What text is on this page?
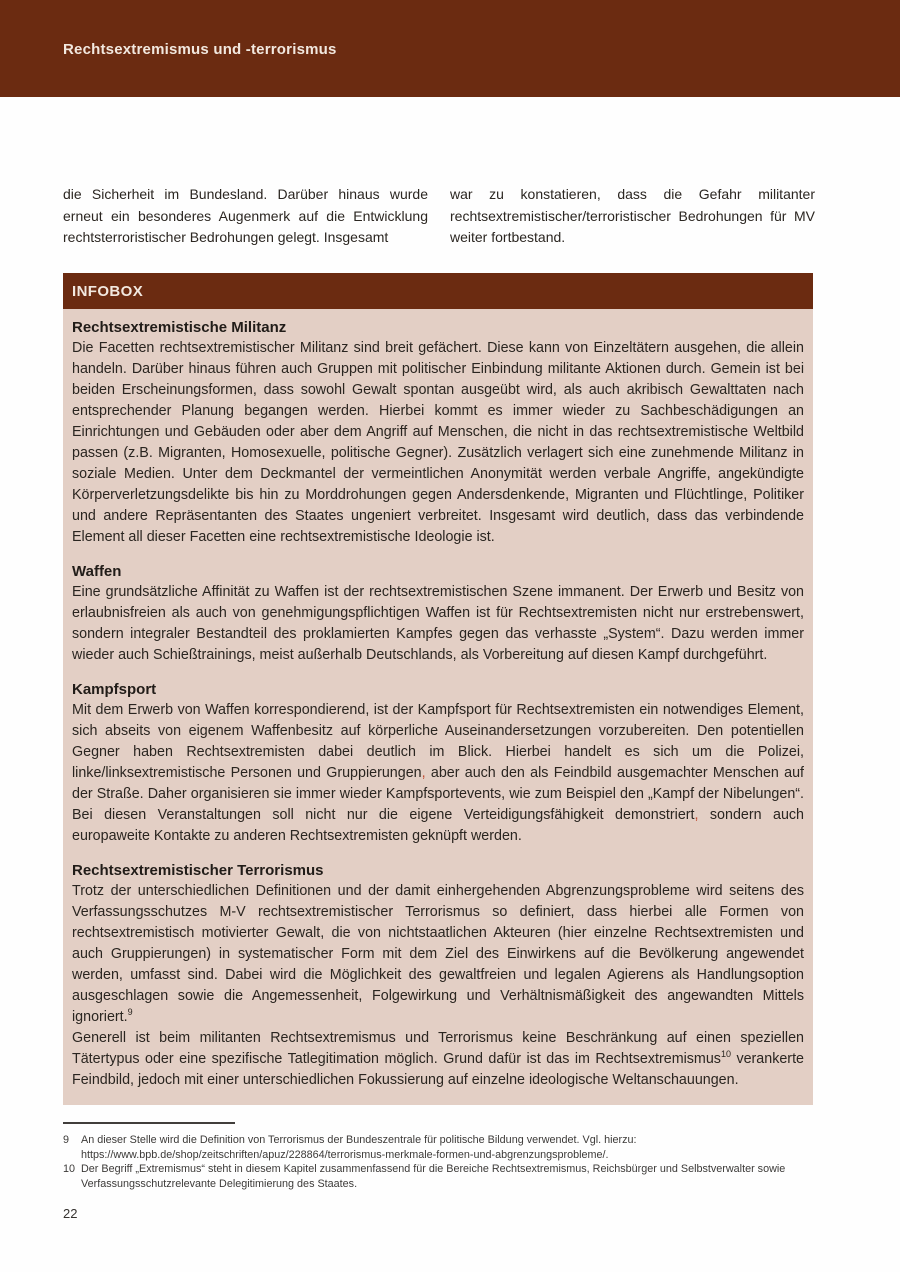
Rechtsextremismus und -terrorismus
die Sicherheit im Bundesland. Darüber hinaus wurde erneut ein besonderes Augenmerk auf die Entwicklung rechtsterroristischer Bedrohungen gelegt. Insgesamt
war zu konstatieren, dass die Gefahr militanter rechtsextremistischer/terroristischer Bedrohungen für MV weiter fortbestand.
INFOBOX
Rechtsextremistische Militanz

Die Facetten rechtsextremistischer Militanz sind breit gefächert. Diese kann von Einzeltätern ausgehen, die allein handeln. Darüber hinaus führen auch Gruppen mit politischer Einbindung militante Aktionen durch. Gemein ist bei beiden Erscheinungsformen, dass sowohl Gewalt spontan ausgeübt wird, als auch akribisch Gewalttaten nach entsprechender Planung begangen werden. Hierbei kommt es immer wieder zu Sachbeschädigungen an Einrichtungen und Gebäuden oder aber dem Angriff auf Menschen, die nicht in das rechtsextremistische Weltbild passen (z.B. Migranten, Homosexuelle, politische Gegner). Zusätzlich verlagert sich eine zunehmende Militanz in soziale Medien. Unter dem Deckmantel der vermeintlichen Anonymität werden verbale Angriffe, angekündigte Körperverletzungsdelikte bis hin zu Morddrohungen gegen Andersdenkende, Migranten und Flüchtlinge, Politiker und andere Repräsentanten des Staates ungeniert verbreitet. Insgesamt wird deutlich, dass das verbindende Element all dieser Facetten eine rechtsextremistische Ideologie ist.

Waffen

Eine grundsätzliche Affinität zu Waffen ist der rechtsextremistischen Szene immanent. Der Erwerb und Besitz von erlaubnisfreien als auch von genehmigungspflichtigen Waffen ist für Rechtsextremisten nicht nur erstrebenswert, sondern integraler Bestandteil des proklamierten Kampfes gegen das verhasste „System“. Dazu werden immer wieder auch Schießtrainings, meist außerhalb Deutschlands, als Vorbereitung auf diesen Kampf durchgeführt.

Kampfsport

Mit dem Erwerb von Waffen korrespondierend, ist der Kampfsport für Rechtsextremisten ein notwendiges Element, sich abseits von eigenem Waffenbesitz auf körperliche Auseinandersetzungen vorzubereiten. Den potentiellen Gegner haben Rechtsextremisten dabei deutlich im Blick. Hierbei handelt es sich um die Polizei, linke/linksextremistische Personen und Gruppierungen, aber auch den als Feindbild ausgemachter Menschen auf der Straße. Daher organisieren sie immer wieder Kampfsportevents, wie zum Beispiel den „Kampf der Nibelungen“. Bei diesen Veranstaltungen soll nicht nur die eigene Verteidigungsfähigkeit demonstriert, sondern auch europaweite Kontakte zu anderen Rechtsextremisten geknüpft werden.

Rechtsextremistischer Terrorismus

Trotz der unterschiedlichen Definitionen und der damit einhergehenden Abgrenzungsprobleme wird seitens des Verfassungsschutzes M-V rechtsextremistischer Terrorismus so definiert, dass hierbei alle Formen von rechtsextremistisch motivierter Gewalt, die von nichtstaatlichen Akteuren (hier einzelne Rechtsextremisten und auch Gruppierungen) in systematischer Form mit dem Ziel des Einwirkens auf die Bevölkerung angewendet werden, umfasst sind. Dabei wird die Möglichkeit des gewaltfreien und legalen Agierens als Handlungsoption ausgeschlagen sowie die Angemessenheit, Folgewirkung und Verhältnismäßigkeit des angewandten Mittels ignoriert.$^9$

Generell ist beim militanten Rechtsextremismus und Terrorismus keine Beschränkung auf einen speziellen Tätertypus oder eine spezifische Tatlegitimation möglich. Grund dafür ist das im Rechtsextremismus$^{10}$ verankerte Feindbild, jedoch mit einer unterschiedlichen Fokussierung auf einzelne ideologische Weltanschauungen.

9	An dieser Stelle wird die Definition von Terrorismus der Bundeszentrale für politische Bildung verwendet. Vgl. hierzu: https://www.bpb.de/shop/zeitschriften/apuz/228864/terrorismus-merkmale-formen-und-abgrenzungsprobleme/.
10 Der Begriff „Extremismus“ steht in diesem Kapitel zusammenfassend für die Bereiche Rechtsextremismus, Reichsbürger und Selbstverwalter sowie Verfassungsschutzrelevante Delegitimierung des Staates.
22
